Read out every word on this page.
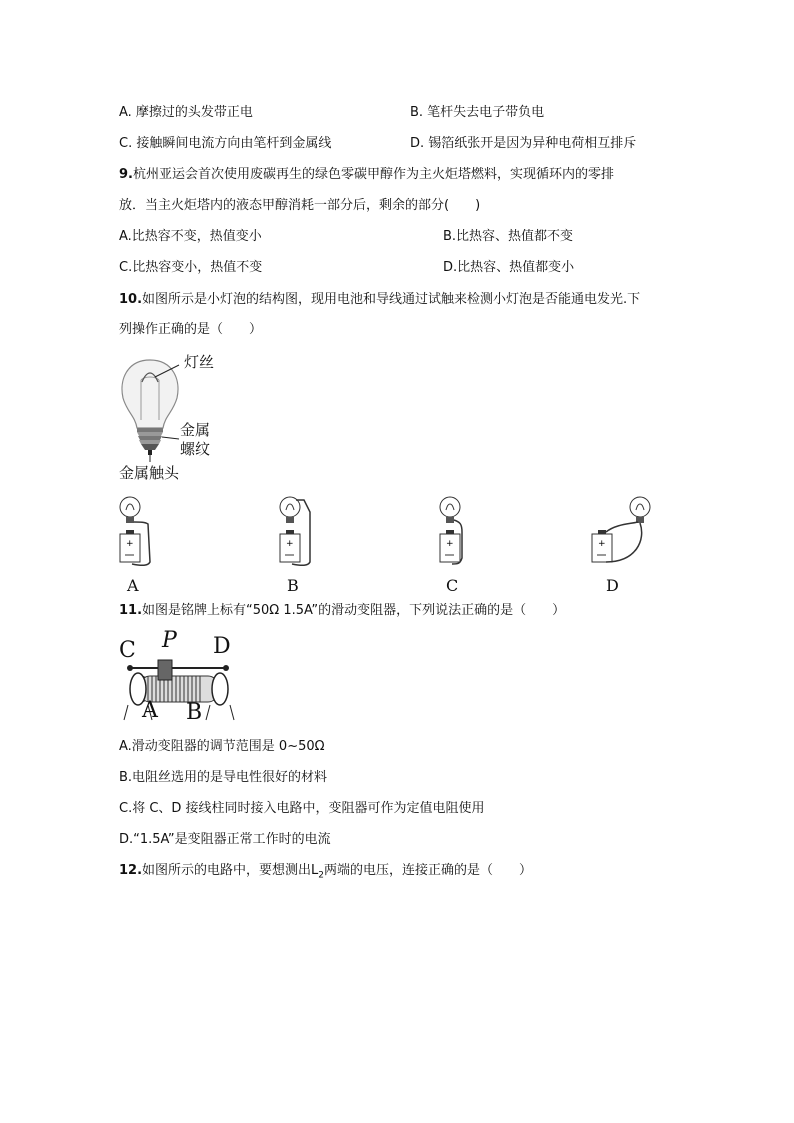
A. 摩擦过的头发带正电	B. 笔杆失去电子带负电
C. 接触瞬间电流方向由笔杆到金属线	D. 锡箔纸张开是因为异种电荷相互排斥
9.杭州亚运会首次使用废碳再生的绿色零碳甲醇作为主火炬塔燃料，实现循环内的零排
放．当主火炬塔内的液态甲醇消耗一部分后，剩余的部分(　　)
A.比热容不变，热值变小	B.比热容、热值都不变
C.比热容变小，热值不变	D.比热容、热值都变小
10.如图所示是小灯泡的结构图，现用电池和导线通过试触来检测小灯泡是否能通电发光.下
列操作正确的是（　　）
灯丝
金属
螺纹
金属触头
+	+	+	+
A	B	C	D
11.如图是铭牌上标有“50Ω 1.5A”的滑动变阻器，下列说法正确的是（　　）
C P D
A B
A.滑动变阻器的调节范围是 0~50Ω
B.电阻丝选用的是导电性很好的材料
C.将 C、D 接线柱同时接入电路中，变阻器可作为定值电阻使用
D.“1.5A”是变阻器正常工作时的电流
12.如图所示的电路中，要想测出$L_2$两端的电压，连接正确的是（　　）
